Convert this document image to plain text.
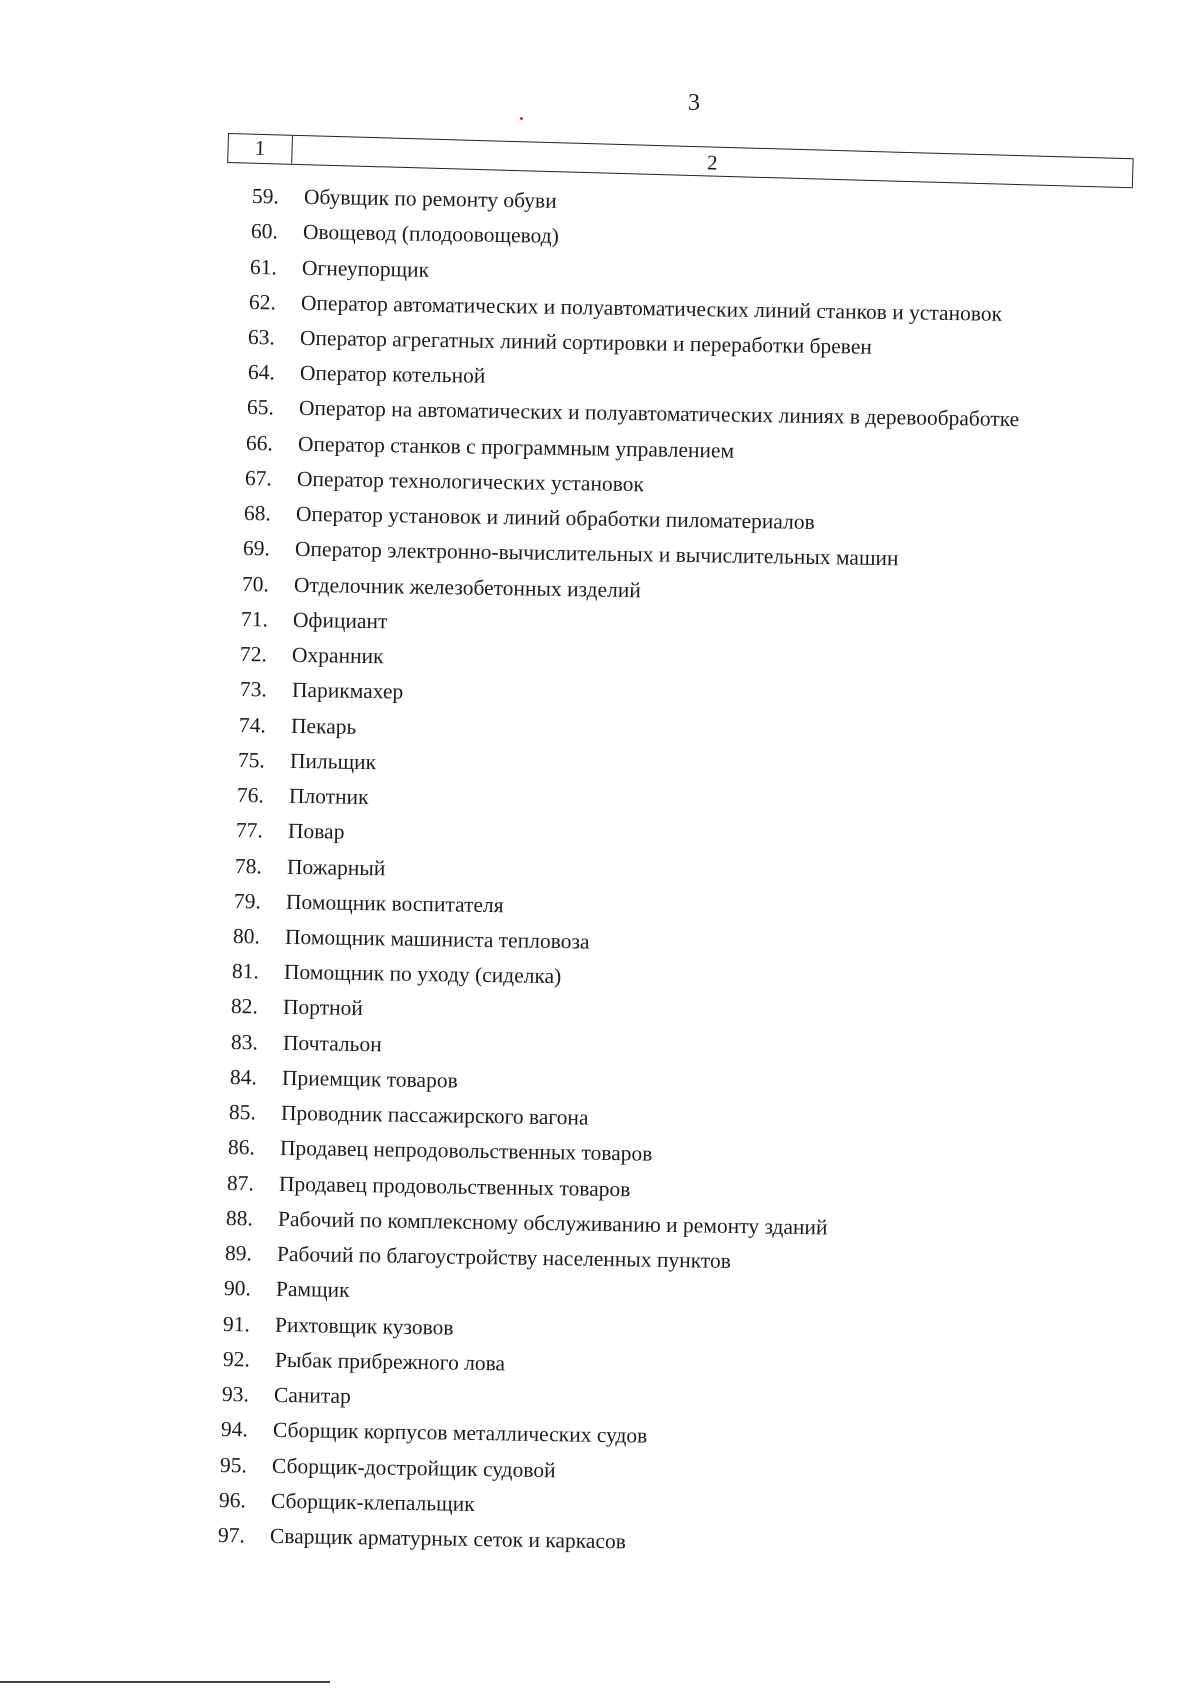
3
1
2
59. Обувщик по ремонту обуви
60. Овощевод (плодоовощевод)
61. Огнеупорщик
62. Оператор автоматических и полуавтоматических линий станков и установок
63. Оператор агрегатных линий сортировки и переработки бревен
64. Оператор котельной
65. Оператор на автоматических и полуавтоматических линиях в деревообработке
66. Оператор станков с программным управлением
67. Оператор технологических установок
68. Оператор установок и линий обработки пиломатериалов
69. Оператор электронно-вычислительных и вычислительных машин
70. Отделочник железобетонных изделий
71. Официант
72. Охранник
73. Парикмахер
74. Пекарь
75. Пильщик
76. Плотник
77. Повар
78. Пожарный
79. Помощник воспитателя
80. Помощник машиниста тепловоза
81. Помощник по уходу (сиделка)
82. Портной
83. Почтальон
84. Приемщик товаров
85. Проводник пассажирского вагона
86. Продавец непродовольственных товаров
87. Продавец продовольственных товаров
88. Рабочий по комплексному обслуживанию и ремонту зданий
89. Рабочий по благоустройству населенных пунктов
90. Рамщик
91. Рихтовщик кузовов
92. Рыбак прибрежного лова
93. Санитар
94. Сборщик корпусов металлических судов
95. Сборщик-достройщик судовой
96. Сборщик-клепальщик
97. Сварщик арматурных сеток и каркасов
